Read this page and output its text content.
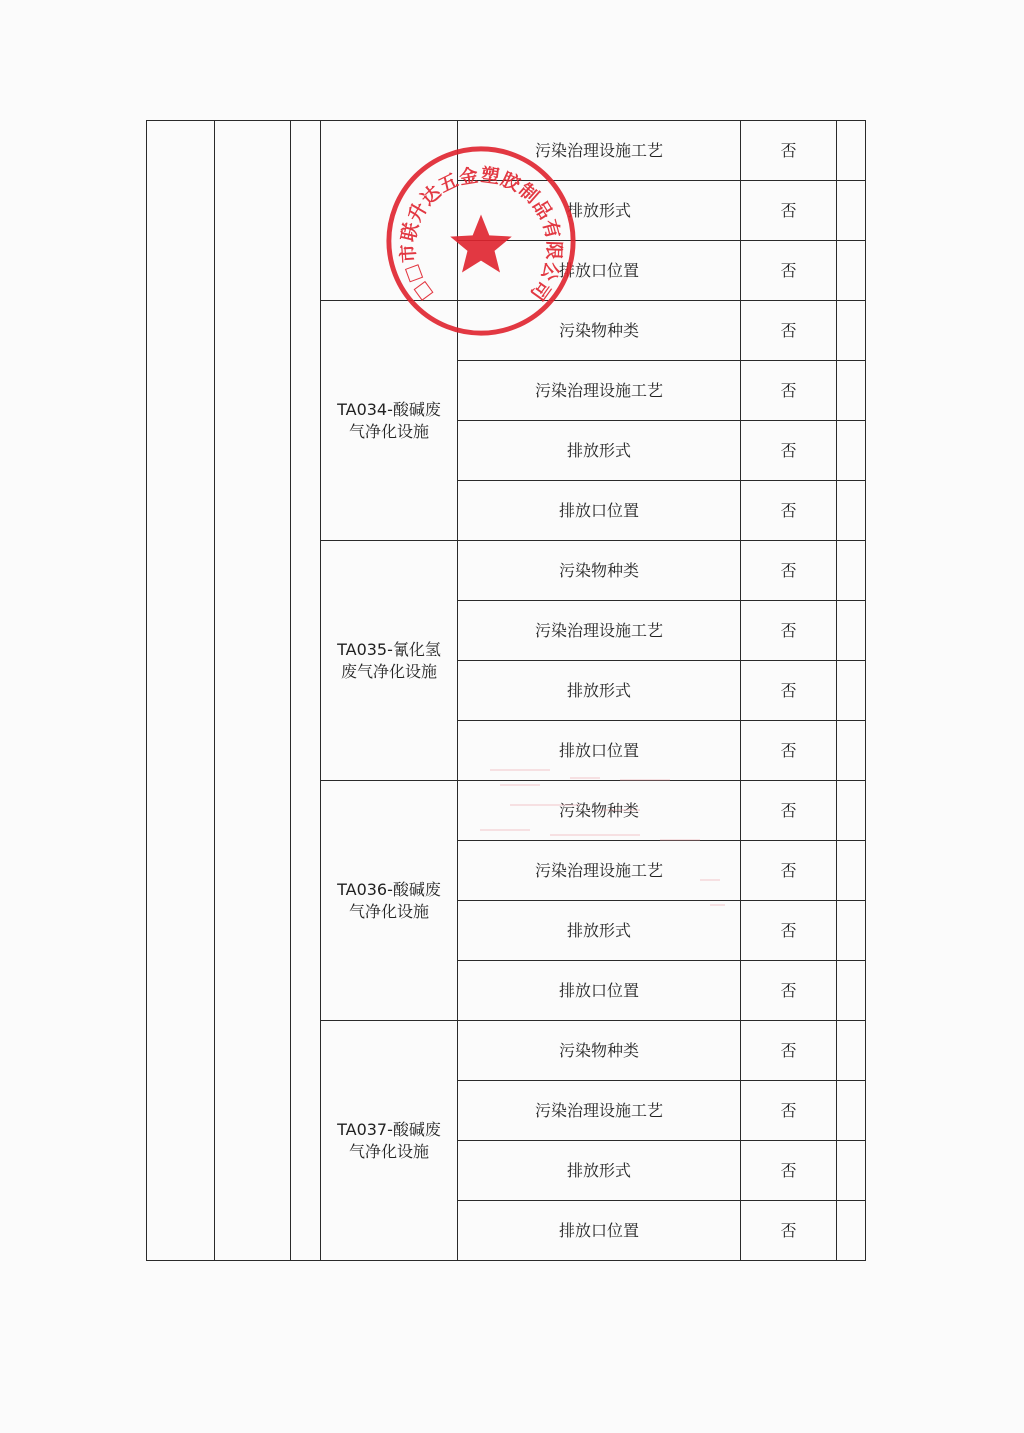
				污染治理设施工艺	否	
				排放形式	否	
				排放口位置	否	
			TA034-酸碱废气净化设施	污染物种类	否	
				污染治理设施工艺	否	
				排放形式	否	
				排放口位置	否	
			TA035-氰化氢废气净化设施	污染物种类	否	
				污染治理设施工艺	否	
				排放形式	否	
				排放口位置	否	
			TA036-酸碱废气净化设施	污染物种类	否	
				污染治理设施工艺	否	
				排放形式	否	
				排放口位置	否	
			TA037-酸碱废气净化设施	污染物种类	否	
				污染治理设施工艺	否	
				排放形式	否	
				排放口位置	否	
□□市联升达五金塑胶制品有限公司
